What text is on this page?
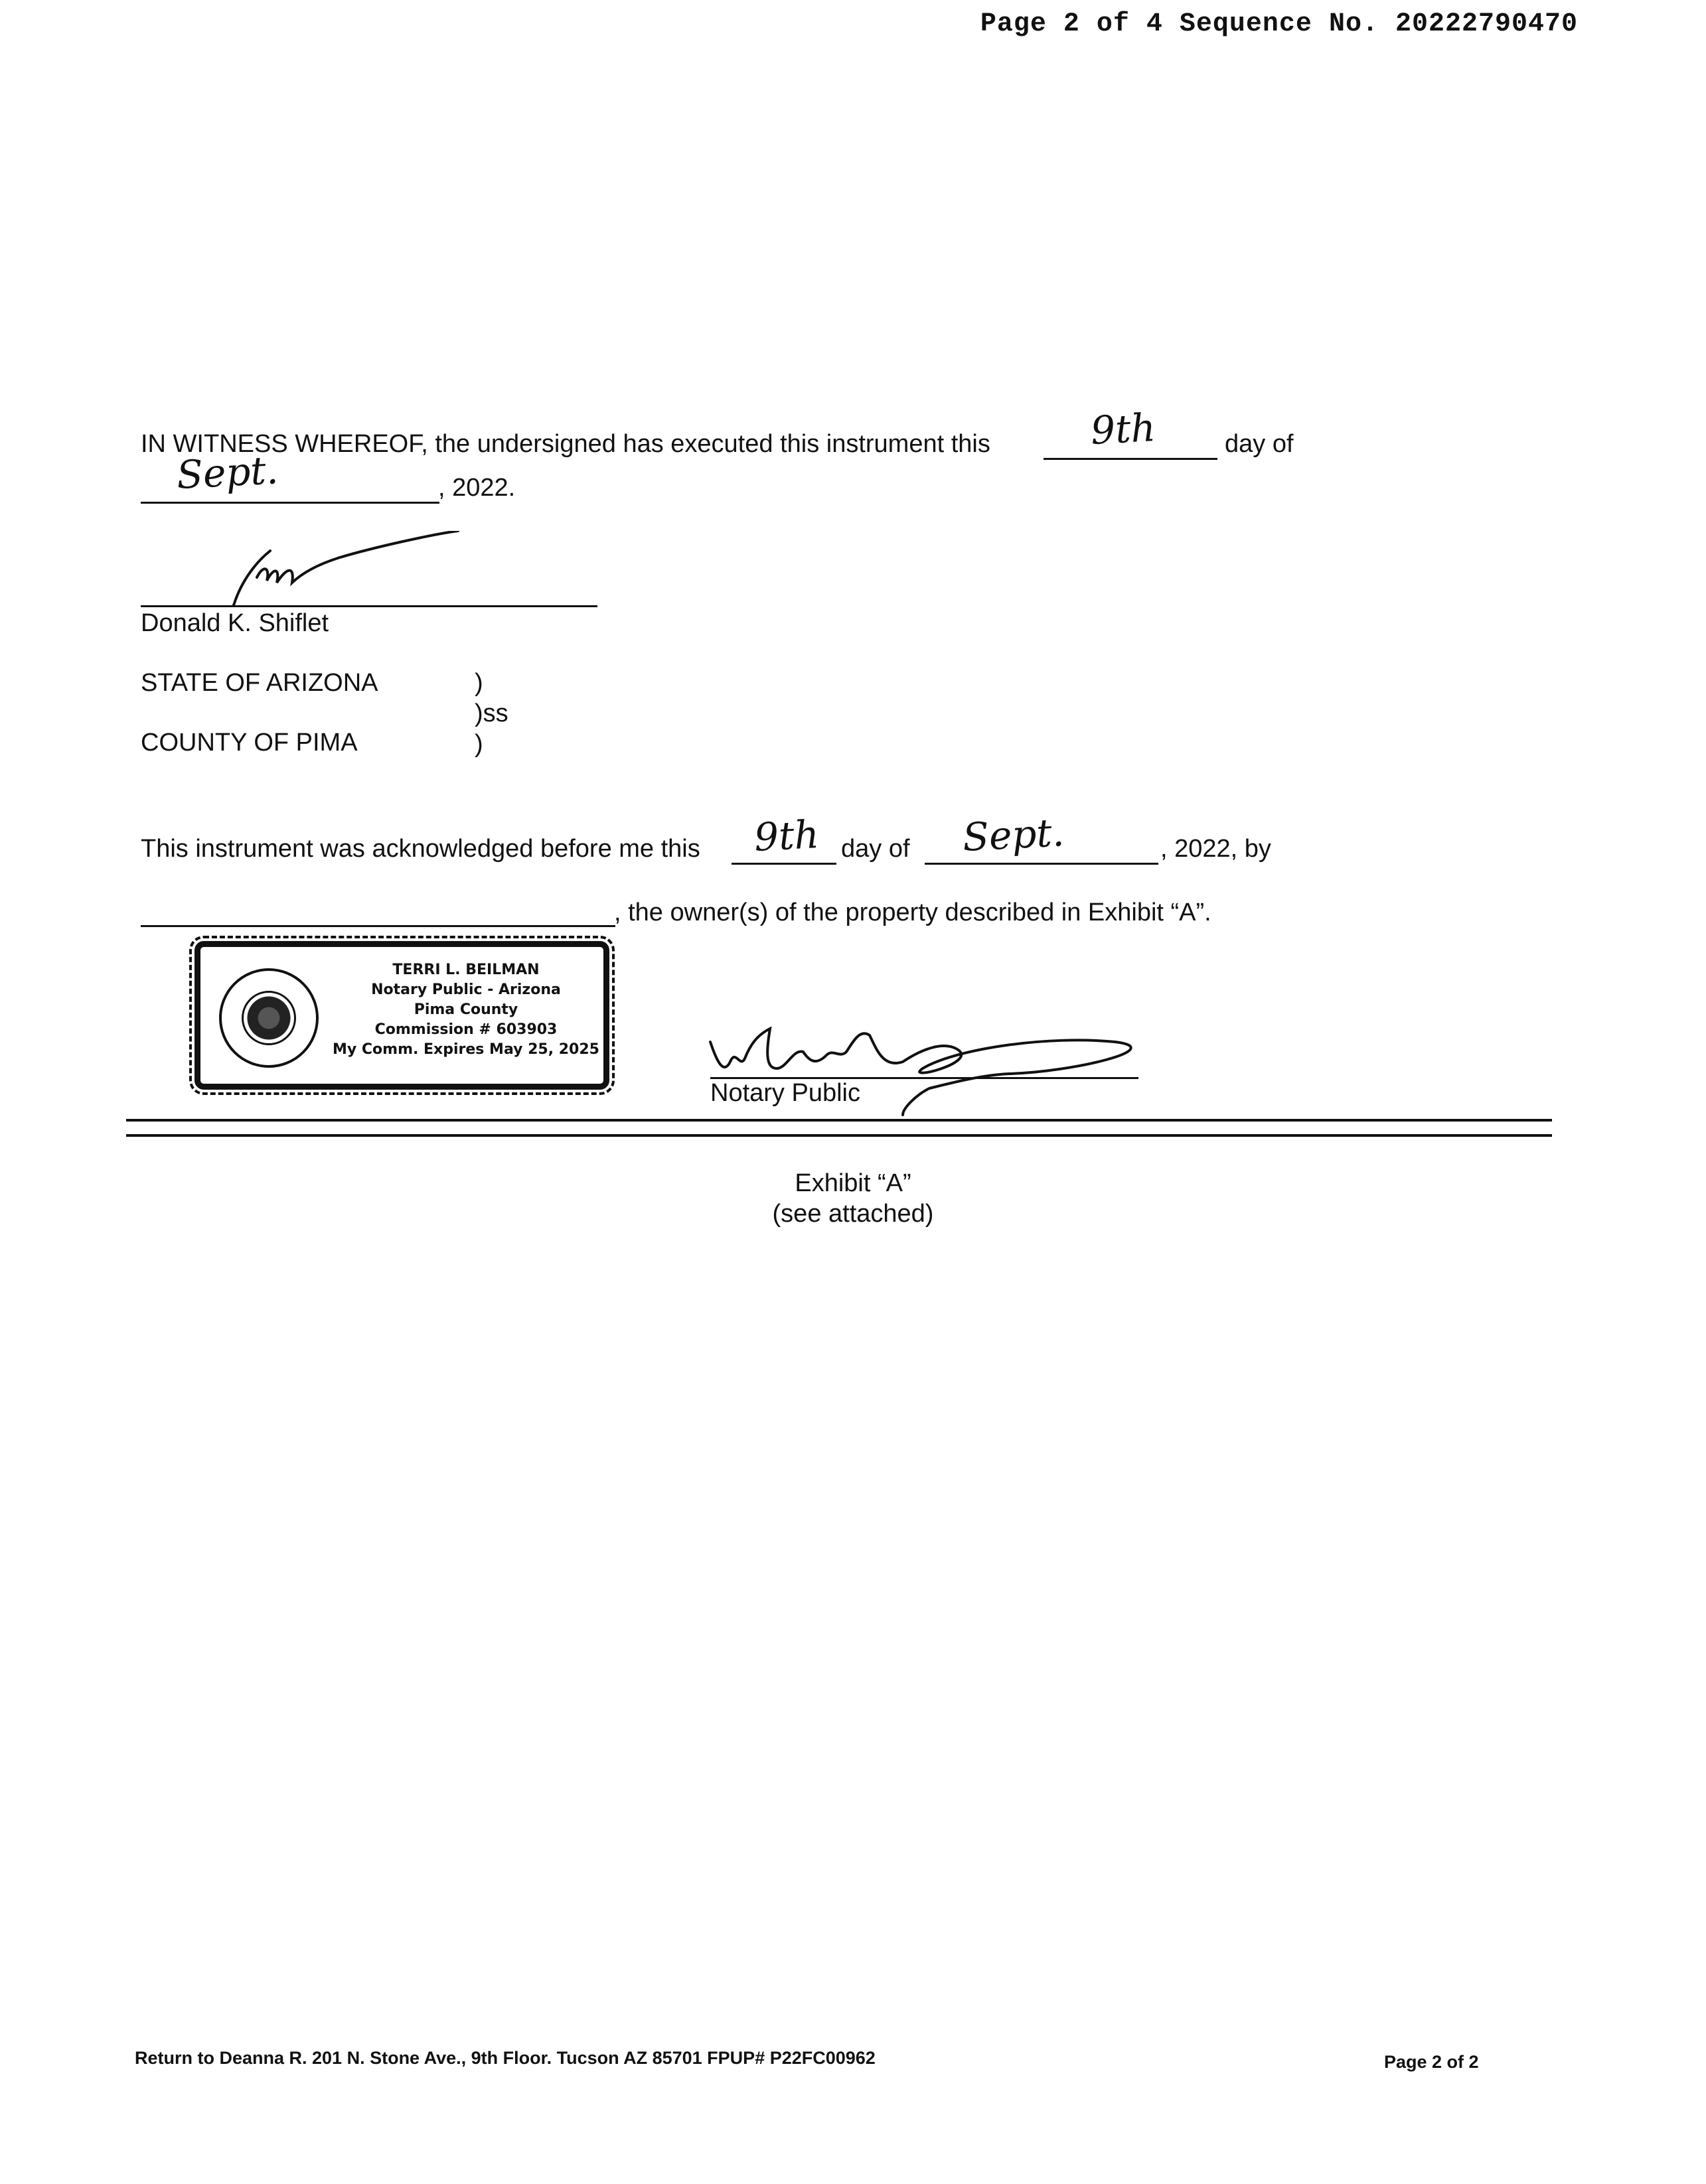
Page 2 of 4 Sequence No. 20222790470
IN WITNESS WHEREOF, the undersigned has executed this instrument this	9th	day of
Sept.	, 2022.
Donald K. Shiflet
STATE OF ARIZONA	)
)ss
COUNTY OF PIMA	)
This instrument was acknowledged before me this 9th day of Sept.	, 2022, by
, the owner(s) of the property described in Exhibit “A”.
TERRI L. BEILMAN
Notary Public - Arizona
Pima County
Commission # 603903
My Comm. Expires May 25, 2025
Notary Public
Exhibit “A”
(see attached)
Return to Deanna R. 201 N. Stone Ave., 9th Floor. Tucson AZ 85701 FPUP# P22FC00962	Page 2 of 2
